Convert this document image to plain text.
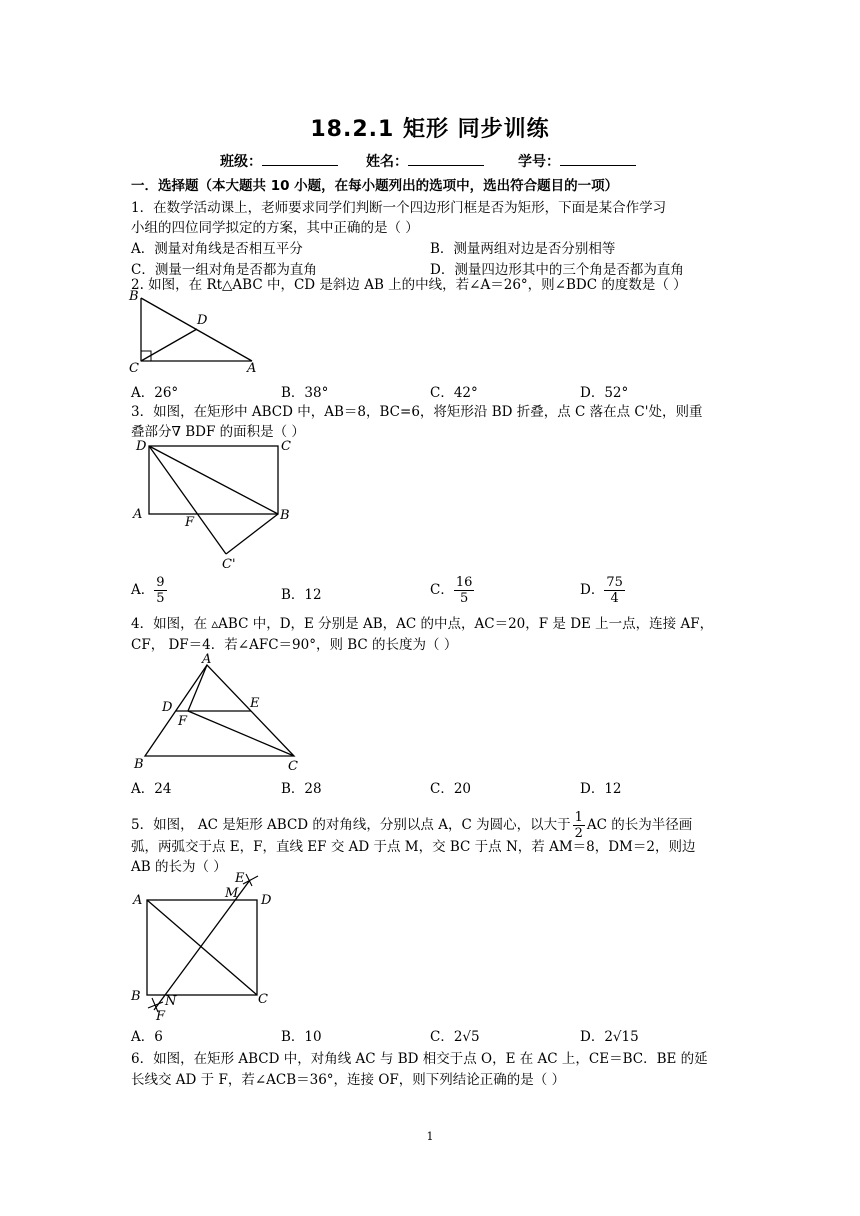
18.2.1 矩形 同步训练
班级：	姓名：	学号：
一．选择题（本大题共 10 小题，在每小题列出的选项中，选出符合题目的一项）
1．在数学活动课上，老师要求同学们判断一个四边形门框是否为矩形，下面是某合作学习
小组的四位同学拟定的方案，其中正确的是（ ）
A．测量对角线是否相互平分	B．测量两组对边是否分别相等
C．测量一组对角是否都为直角	D．测量四边形其中的三个角是否都为直角
2. 如图，在 Rt△ABC 中，CD 是斜边 AB 上的中线，若∠A＝26°，则∠BDC 的度数是（ ）
B
D
C	A
A．26°	B．38°	C．42°	D．52°
3．如图，在矩形中 ABCD 中，AB＝8，BC=6，将矩形沿 BD 折叠，点 C 落在点 C'处，则重
叠部分∇ BDF 的面积是（ ）
D	C
A
F	B
C'
A． $\frac{9}{5}$	B．12	C． $\frac{16}{5}$	D． $\frac{75}{4}$
4．如图，在 ▵ABC 中，D，E 分别是 AB，AC 的中点，AC＝20，F 是 DE 上一点，连接 AF，
CF， DF＝4．若∠AFC＝90°，则 BC 的长度为（ ）
A
D	E
F
B	C
A．24	B．28	C．20	D．12
5．如图， AC 是矩形 ABCD 的对角线，分别以点 A，C 为圆心，以大于 $\frac{1}{2}$ AC 的长为半径画
弧，两弧交于点 E，F，直线 EF 交 AD 于点 M，交 BC 于点 N，若 AM＝8，DM＝2，则边
AB 的长为（ ）
E
M
A	D
B N
F
C
A．6	B．10	C．2√5	D．2√15
6．如图，在矩形 ABCD 中，对角线 AC 与 BD 相交于点 O，E 在 AC 上，CE＝BC．BE 的延
长线交 AD 于 F，若∠ACB＝36°，连接 OF，则下列结论正确的是（ ）
1
